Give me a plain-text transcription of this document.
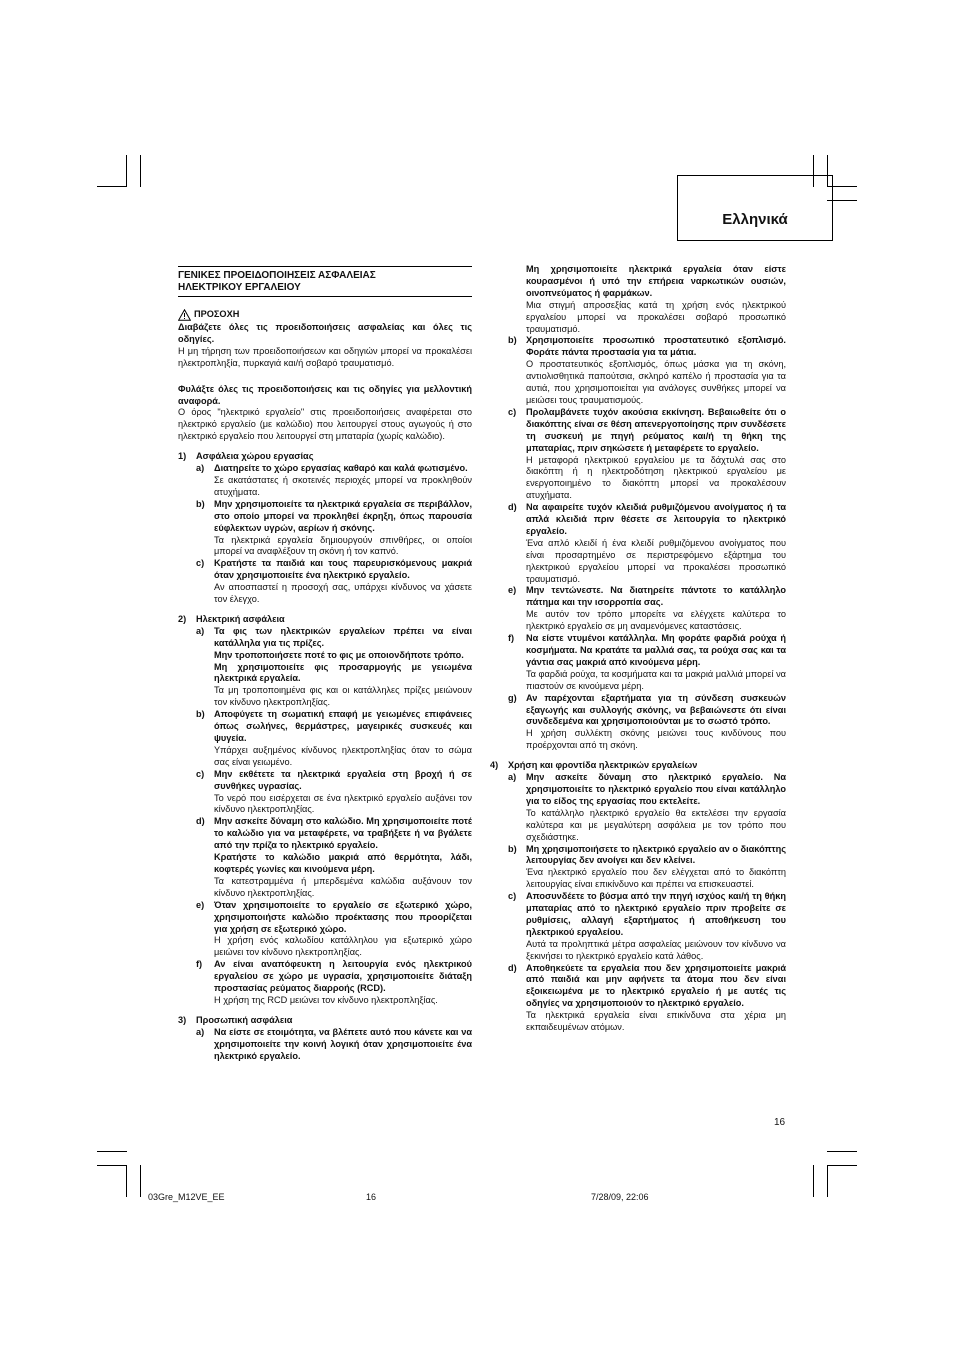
Ελληνικά
ΓΕΝΙΚΕΣ ΠΡΟΕΙΔΟΠΟΙΗΣΕΙΣ ΑΣΦΑΛΕΙΑΣ
ΗΛΕΚΤΡΙΚΟΥ ΕΡΓΑΛΕΙΟΥ
ΠΡΟΣΟΧΗ
Διαβάζετε όλες τις προειδοποιήσεις ασφαλείας και όλες τις οδηγίες.
Η μη τήρηση των προειδοποιήσεων και οδηγιών μπορεί να προκαλέσει ηλεκτροπληξία, πυρκαγιά και/ή σοβαρό τραυματισμό.
Φυλάξτε όλες τις προειδοποιήσεις και τις οδηγίες για μελλοντική αναφορά.
Ο όρος "ηλεκτρικό εργαλείο" στις προειδοποιήσεις αναφέρεται στο ηλεκτρικό εργαλείο (με καλώδιο) που λειτουργεί στους αγωγούς ή στο ηλεκτρικό εργαλείο που λειτουργεί στη μπαταρία (χωρίς καλώδιο).
1)	Ασφάλεια χώρου εργασίας
a)	Διατηρείτε το χώρο εργασίας καθαρό και καλά φωτισμένο.
Σε ακατάστατες ή σκοτεινές περιοχές μπορεί να προκληθούν ατυχήματα.
b)	Μην χρησιμοποιείτε τα ηλεκτρικά εργαλεία σε περιβάλλον, στο οποίο μπορεί να προκληθεί έκρηξη, όπως παρουσία εύφλεκτων υγρών, αερίων ή σκόνης.
Τα ηλεκτρικά εργαλεία δημιουργούν σπινθήρες, οι οποίοι μπορεί να αναφλέξουν τη σκόνη ή τον καπνό.
c)	Κρατήστε τα παιδιά και τους παρευρισκόμενους μακριά όταν χρησιμοποιείτε ένα ηλεκτρικό εργαλείο.
Αν αποσπαστεί η προσοχή σας, υπάρχει κίνδυνος να χάσετε τον έλεγχο.
2)	Ηλεκτρική ασφάλεια
a)	Τα φις των ηλεκτρικών εργαλείων πρέπει να είναι κατάλληλα για τις πρίζες.
Μην τροποποιήσετε ποτέ το φις με οποιονδήποτε τρόπο.
Μη χρησιμοποιείτε φις προσαρμογής με γειωμένα ηλεκτρικά εργαλεία.
Τα μη τροποποιημένα φις και οι κατάλληλες πρίζες μειώνουν τον κίνδυνο ηλεκτροπληξίας.
b)	Αποφύγετε τη σωματική επαφή με γειωμένες επιφάνειες όπως σωλήνες, θερμάστρες, μαγειρικές συσκευές και ψυγεία.
Υπάρχει αυξημένος κίνδυνος ηλεκτροπληξίας όταν το σώμα σας είναι γειωμένο.
c)	Μην εκθέτετε τα ηλεκτρικά εργαλεία στη βροχή ή σε συνθήκες υγρασίας.
Το νερό που εισέρχεται σε ένα ηλεκτρικό εργαλείο αυξάνει τον κίνδυνο ηλεκτροπληξίας.
d)	Μην ασκείτε δύναμη στο καλώδιο. Μη χρησιμοποιείτε ποτέ το καλώδιο για να μεταφέρετε, να τραβήξετε ή να βγάλετε από την πρίζα το ηλεκτρικό εργαλείο.
Κρατήστε το καλώδιο μακριά από θερμότητα, λάδι, κοφτερές γωνίες και κινούμενα μέρη.
Τα κατεστραμμένα ή μπερδεμένα καλώδια αυξάνουν τον κίνδυνο ηλεκτροπληξίας.
e)	Όταν χρησιμοποιείτε το εργαλείο σε εξωτερικό χώρο, χρησιμοποιήστε καλώδιο προέκτασης που προορίζεται για χρήση σε εξωτερικό χώρο.
Η χρήση ενός καλωδίου κατάλληλου για εξωτερικό χώρο μειώνει τον κίνδυνο ηλεκτροπληξίας.
f)	Αν είναι αναπόφευκτη η λειτουργία ενός ηλεκτρικού εργαλείου σε χώρο με υγρασία, χρησιμοποιείτε διάταξη προστασίας ρεύματος διαρροής (RCD).
Η χρήση της RCD μειώνει τον κίνδυνο ηλεκτροπληξίας.
3)	Προσωπική ασφάλεια
a)	Να είστε σε ετοιμότητα, να βλέπετε αυτό που κάνετε και να χρησιμοποιείτε την κοινή λογική όταν χρησιμοποιείτε ένα ηλεκτρικό εργαλείο.
Μη χρησιμοποιείτε ηλεκτρικά εργαλεία όταν είστε κουρασμένοι ή υπό την επήρεια ναρκωτικών ουσιών, οινοπνεύματος ή φαρμάκων.
Μια στιγμή απροσεξίας κατά τη χρήση ενός ηλεκτρικού εργαλείου μπορεί να προκαλέσει σοβαρό προσωπικό τραυματισμό.
b)	Χρησιμοποιείτε προσωπικό προστατευτικό εξοπλισμό. Φοράτε πάντα προστασία για τα μάτια.
Ο προστατευτικός εξοπλισμός, όπως μάσκα για τη σκόνη, αντιολισθητικά παπούτσια, σκληρό καπέλο ή προστασία για τα αυτιά, που χρησιμοποιείται για ανάλογες συνθήκες μπορεί να μειώσει τους τραυματισμούς.
c)	Προλαμβάνετε τυχόν ακούσια εκκίνηση. Βεβαιωθείτε ότι ο διακόπτης είναι σε θέση απενεργοποίησης πριν συνδέσετε τη συσκευή με πηγή ρεύματος και/ή τη θήκη της μπαταρίας, πριν σηκώσετε ή μεταφέρετε το εργαλείο.
Η μεταφορά ηλεκτρικού εργαλείου με τα δάχτυλά σας στο διακόπτη ή η ηλεκτροδότηση ηλεκτρικού εργαλείου με ενεργοποιημένο το διακόπτη μπορεί να προκαλέσουν ατυχήματα.
d)	Να αφαιρείτε τυχόν κλειδιά ρυθμιζόμενου ανοίγματος ή τα απλά κλειδιά πριν θέσετε σε λειτουργία το ηλεκτρικό εργαλείο.
Ένα απλό κλειδί ή ένα κλειδί ρυθμιζόμενου ανοίγματος που είναι προσαρτημένο σε περιστρεφόμενο εξάρτημα του ηλεκτρικού εργαλείου μπορεί να προκαλέσει προσωπικό τραυματισμό.
e)	Μην τεντώνεστε. Να διατηρείτε πάντοτε το κατάλληλο πάτημα και την ισορροπία σας.
Με αυτόν τον τρόπο μπορείτε να ελέγχετε καλύτερα το ηλεκτρικό εργαλείο σε μη αναμενόμενες καταστάσεις.
f)	Να είστε ντυμένοι κατάλληλα. Μη φοράτε φαρδιά ρούχα ή κοσμήματα. Να κρατάτε τα μαλλιά σας, τα ρούχα σας και τα γάντια σας μακριά από κινούμενα μέρη.
Τα φαρδιά ρούχα, τα κοσμήματα και τα μακριά μαλλιά μπορεί να πιαστούν σε κινούμενα μέρη.
g)	Αν παρέχονται εξαρτήματα για τη σύνδεση συσκευών εξαγωγής και συλλογής σκόνης, να βεβαιώνεστε ότι είναι συνδεδεμένα και χρησιμοποιούνται με το σωστό τρόπο.
Η χρήση συλλέκτη σκόνης μειώνει τους κινδύνους που προέρχονται από τη σκόνη.
4)	Χρήση και φροντίδα ηλεκτρικών εργαλείων
a)	Μην ασκείτε δύναμη στο ηλεκτρικό εργαλείο. Να χρησιμοποιείτε το ηλεκτρικό εργαλείο που είναι κατάλληλο για το είδος της εργασίας που εκτελείτε.
Το κατάλληλο ηλεκτρικό εργαλείο θα εκτελέσει την εργασία καλύτερα και με μεγαλύτερη ασφάλεια με τον τρόπο που σχεδιάστηκε.
b)	Μη χρησιμοποιήσετε το ηλεκτρικό εργαλείο αν ο διακόπτης λειτουργίας δεν ανοίγει και δεν κλείνει.
Ένα ηλεκτρικό εργαλείο που δεν ελέγχεται από το διακόπτη λειτουργίας είναι επικίνδυνο και πρέπει να επισκευαστεί.
c)	Αποσυνδέετε το βύσμα από την πηγή ισχύος και/ή τη θήκη μπαταρίας από το ηλεκτρικό εργαλείο πριν προβείτε σε ρυθμίσεις, αλλαγή εξαρτήματος ή αποθήκευση του ηλεκτρικού εργαλείου.
Αυτά τα προληπτικά μέτρα ασφαλείας μειώνουν τον κίνδυνο να ξεκινήσει το ηλεκτρικό εργαλείο κατά λάθος.
d)	Αποθηκεύετε τα εργαλεία που δεν χρησιμοποιείτε μακριά από παιδιά και μην αφήνετε τα άτομα που δεν είναι εξοικειωμένα με το ηλεκτρικό εργαλείο ή με αυτές τις οδηγίες να χρησιμοποιούν το ηλεκτρικό εργαλείο.
Τα ηλεκτρικά εργαλεία είναι επικίνδυνα στα χέρια μη εκπαιδευμένων ατόμων.
16
03Gre_M12VE_EE	16	7/28/09, 22:06
